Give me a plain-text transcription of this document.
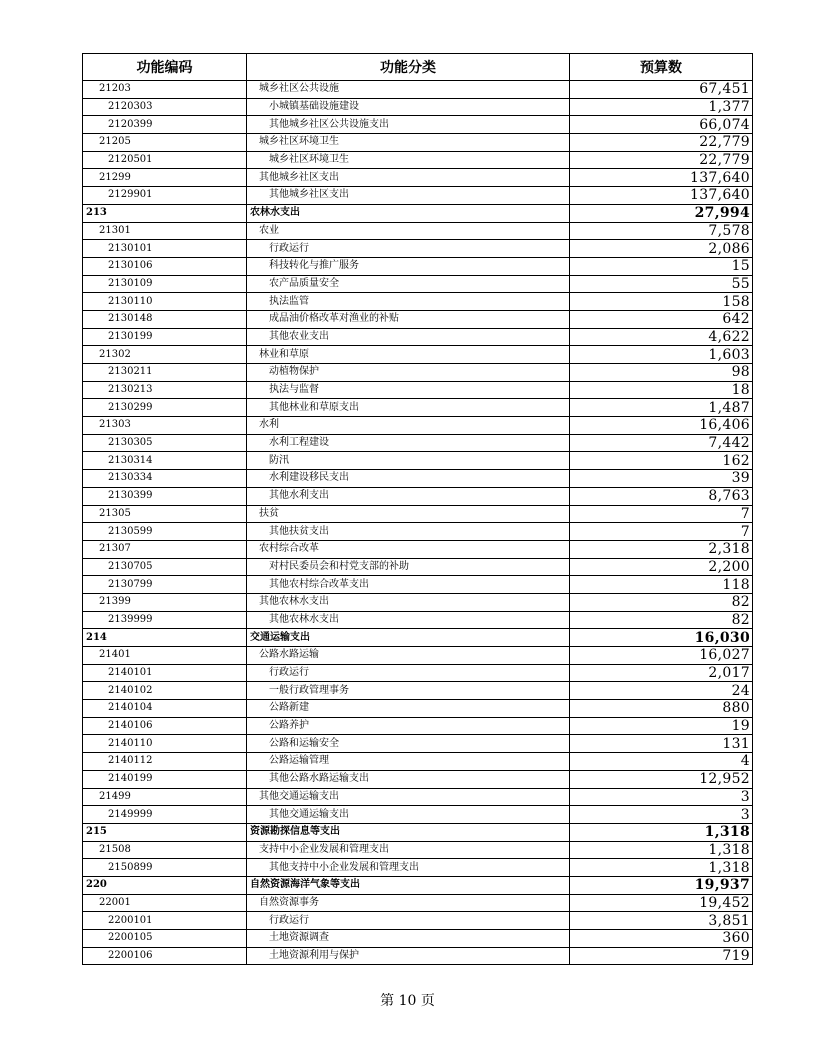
功能编码	功能分类	预算数
21203	城乡社区公共设施	67,451
2120303	小城镇基础设施建设	1,377
2120399	其他城乡社区公共设施支出	66,074
21205	城乡社区环境卫生	22,779
2120501	城乡社区环境卫生	22,779
21299	其他城乡社区支出	137,640
2129901	其他城乡社区支出	137,640
213	农林水支出	27,994
21301	农业	7,578
2130101	行政运行	2,086
2130106	科技转化与推广服务	15
2130109	农产品质量安全	55
2130110	执法监管	158
2130148	成品油价格改革对渔业的补贴	642
2130199	其他农业支出	4,622
21302	林业和草原	1,603
2130211	动植物保护	98
2130213	执法与监督	18
2130299	其他林业和草原支出	1,487
21303	水利	16,406
2130305	水利工程建设	7,442
2130314	防汛	162
2130334	水利建设移民支出	39
2130399	其他水利支出	8,763
21305	扶贫	7
2130599	其他扶贫支出	7
21307	农村综合改革	2,318
2130705	对村民委员会和村党支部的补助	2,200
2130799	其他农村综合改革支出	118
21399	其他农林水支出	82
2139999	其他农林水支出	82
214	交通运输支出	16,030
21401	公路水路运输	16,027
2140101	行政运行	2,017
2140102	一般行政管理事务	24
2140104	公路新建	880
2140106	公路养护	19
2140110	公路和运输安全	131
2140112	公路运输管理	4
2140199	其他公路水路运输支出	12,952
21499	其他交通运输支出	3
2149999	其他交通运输支出	3
215	资源勘探信息等支出	1,318
21508	支持中小企业发展和管理支出	1,318
2150899	其他支持中小企业发展和管理支出	1,318
220	自然资源海洋气象等支出	19,937
22001	自然资源事务	19,452
2200101	行政运行	3,851
2200105	土地资源调查	360
2200106	土地资源利用与保护	719
第 10 页
